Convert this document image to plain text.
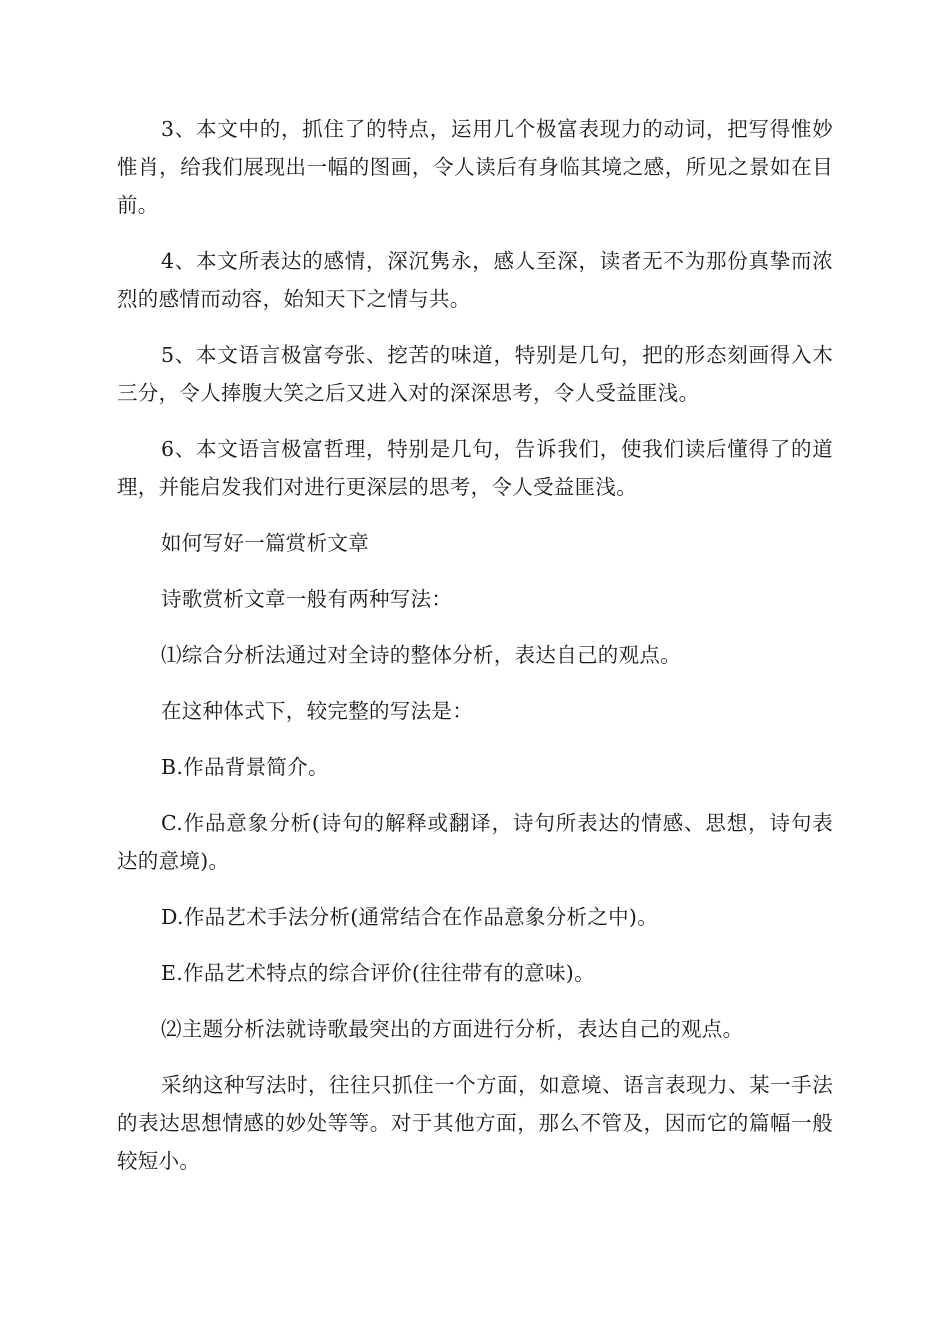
3、本文中的，抓住了的特点，运用几个极富表现力的动词，把写得惟妙惟肖，给我们展现出一幅的图画，令人读后有身临其境之感，所见之景如在目前。

4、本文所表达的感情，深沉隽永，感人至深，读者无不为那份真挚而浓烈的感情而动容，始知天下之情与共。

5、本文语言极富夸张、挖苦的味道，特别是几句，把的形态刻画得入木三分，令人捧腹大笑之后又进入对的深深思考，令人受益匪浅。

6、本文语言极富哲理，特别是几句，告诉我们，使我们读后懂得了的道理，并能启发我们对进行更深层的思考，令人受益匪浅。

如何写好一篇赏析文章

诗歌赏析文章一般有两种写法：

⑴综合分析法通过对全诗的整体分析，表达自己的观点。

在这种体式下，较完整的写法是：

B.作品背景简介。

C.作品意象分析(诗句的解释或翻译，诗句所表达的情感、思想，诗句表达的意境)。

D.作品艺术手法分析(通常结合在作品意象分析之中)。

E.作品艺术特点的综合评价(往往带有的意味)。

⑵主题分析法就诗歌最突出的方面进行分析，表达自己的观点。

采纳这种写法时，往往只抓住一个方面，如意境、语言表现力、某一手法的表达思想情感的妙处等等。对于其他方面，那么不管及，因而它的篇幅一般较短小。
